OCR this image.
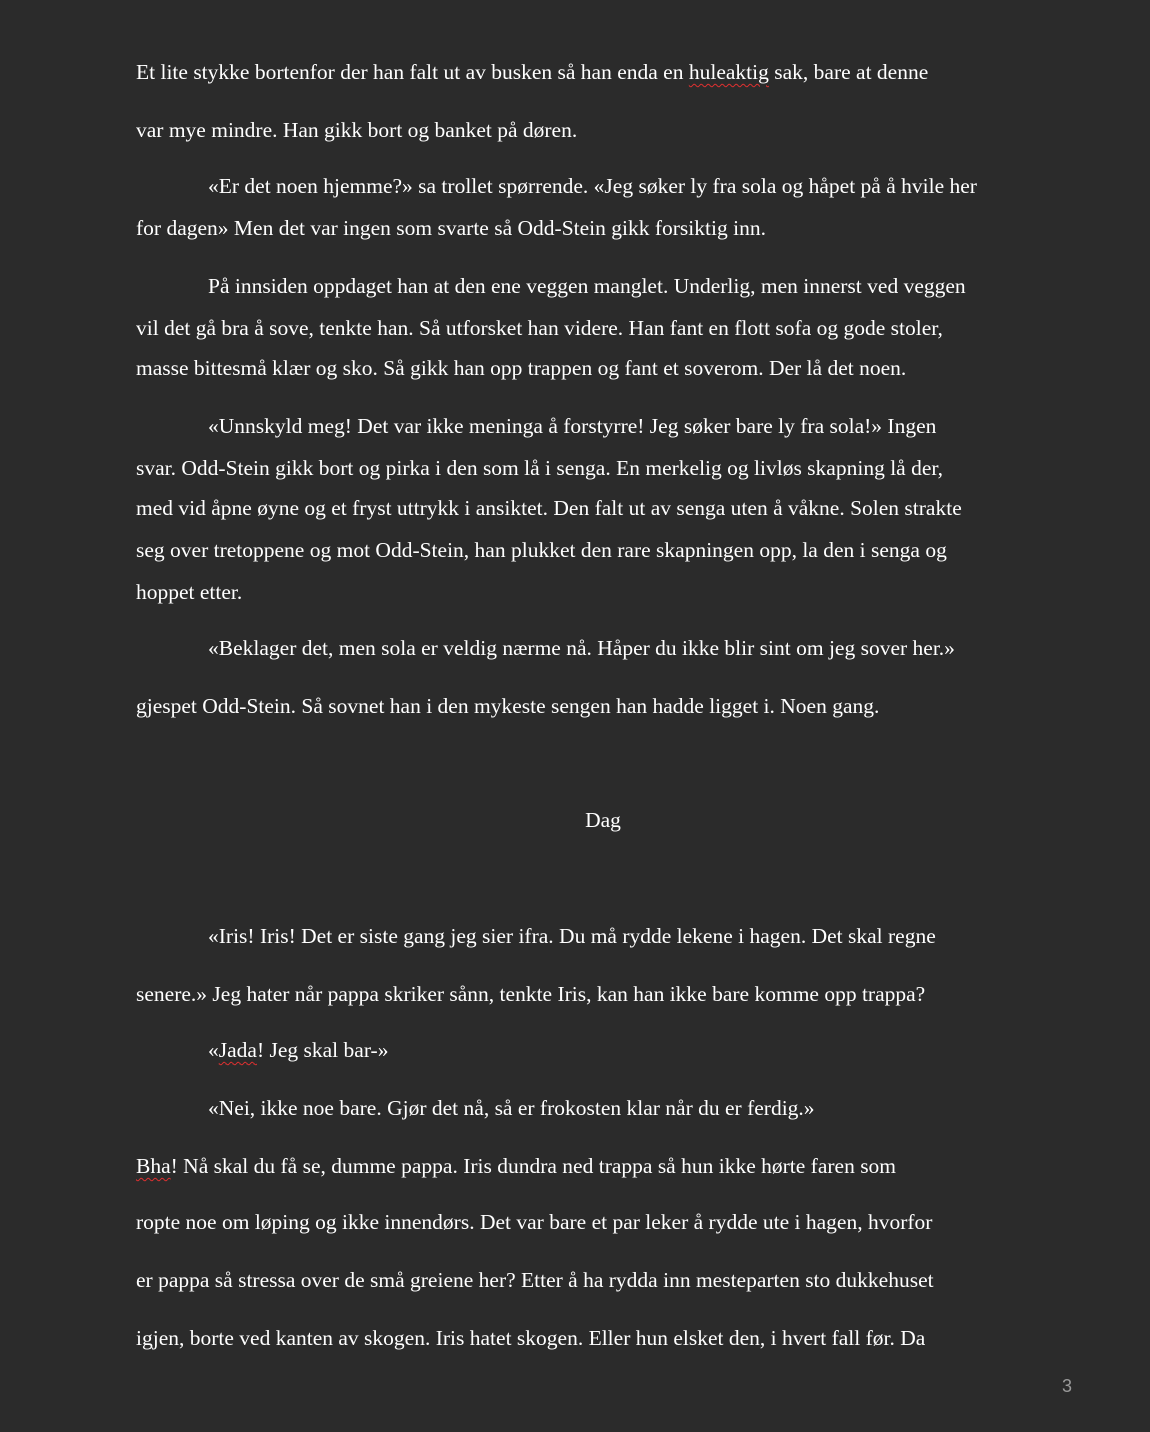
Et lite stykke bortenfor der han falt ut av busken så han enda en huleaktig sak, bare at denne
var mye mindre. Han gikk bort og banket på døren.
«Er det noen hjemme?» sa trollet spørrende. «Jeg søker ly fra sola og håpet på å hvile her
for dagen» Men det var ingen som svarte så Odd-Stein gikk forsiktig inn.
På innsiden oppdaget han at den ene veggen manglet. Underlig, men innerst ved veggen
vil det gå bra å sove, tenkte han. Så utforsket han videre. Han fant en flott sofa og gode stoler,
masse bittesmå klær og sko. Så gikk han opp trappen og fant et soverom. Der lå det noen.
«Unnskyld meg! Det var ikke meninga å forstyrre! Jeg søker bare ly fra sola!» Ingen
svar. Odd-Stein gikk bort og pirka i den som lå i senga. En merkelig og livløs skapning lå der,
med vid åpne øyne og et fryst uttrykk i ansiktet. Den falt ut av senga uten å våkne. Solen strakte
seg over tretoppene og mot Odd-Stein, han plukket den rare skapningen opp, la den i senga og
hoppet etter.
«Beklager det, men sola er veldig nærme nå. Håper du ikke blir sint om jeg sover her.»
gjespet Odd-Stein. Så sovnet han i den mykeste sengen han hadde ligget i. Noen gang.
Dag
«Iris! Iris! Det er siste gang jeg sier ifra. Du må rydde lekene i hagen. Det skal regne
senere.» Jeg hater når pappa skriker sånn, tenkte Iris, kan han ikke bare komme opp trappa?
«Jada! Jeg skal bar-»
«Nei, ikke noe bare. Gjør det nå, så er frokosten klar når du er ferdig.»
Bha! Nå skal du få se, dumme pappa. Iris dundra ned trappa så hun ikke hørte faren som
ropte noe om løping og ikke innendørs. Det var bare et par leker å rydde ute i hagen, hvorfor
er pappa så stressa over de små greiene her? Etter å ha rydda inn mesteparten sto dukkehuset
igjen, borte ved kanten av skogen. Iris hatet skogen. Eller hun elsket den, i hvert fall før. Da
3
